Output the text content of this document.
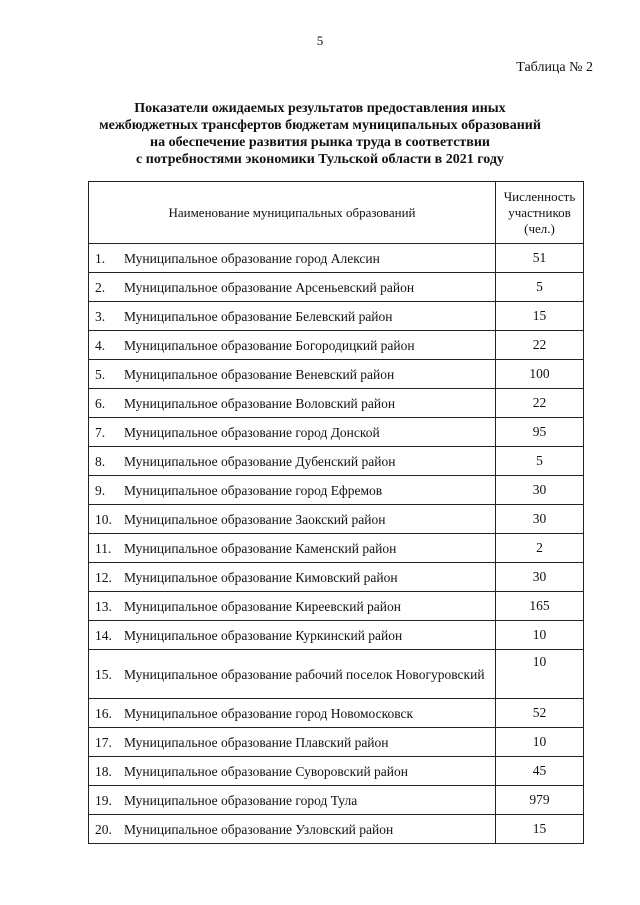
5
Таблица № 2
Показатели ожидаемых результатов предоставления иных
межбюджетных трансфертов бюджетам муниципальных образований
на обеспечение развития рынка труда в соответствии
с потребностями экономики Тульской области в 2021 году
Наименование муниципальных образований	Численность
участников
(чел.)

1. Муниципальное образование город Алексин	51

2. Муниципальное образование Арсеньевский район	5

3. Муниципальное образование Белевский район	15

4. Муниципальное образование Богородицкий район	22

5. Муниципальное образование Веневский район	100

6. Муниципальное образование Воловский район	22

7. Муниципальное образование город Донской	95

8. Муниципальное образование Дубенский район	5

9. Муниципальное образование город Ефремов	30

10. Муниципальное образование Заокский район	30

11. Муниципальное образование Каменский район	2

12. Муниципальное образование Кимовский район	30

13. Муниципальное образование Киреевский район	165

14. Муниципальное образование Куркинский район	10

15. Муниципальное образование рабочий поселок Новогуровский	10

16. Муниципальное образование город Новомосковск	52

17. Муниципальное образование Плавский район	10

18. Муниципальное образование Суворовский район	45

19. Муниципальное образование город Тула	979

20. Муниципальное образование Узловский район	15
